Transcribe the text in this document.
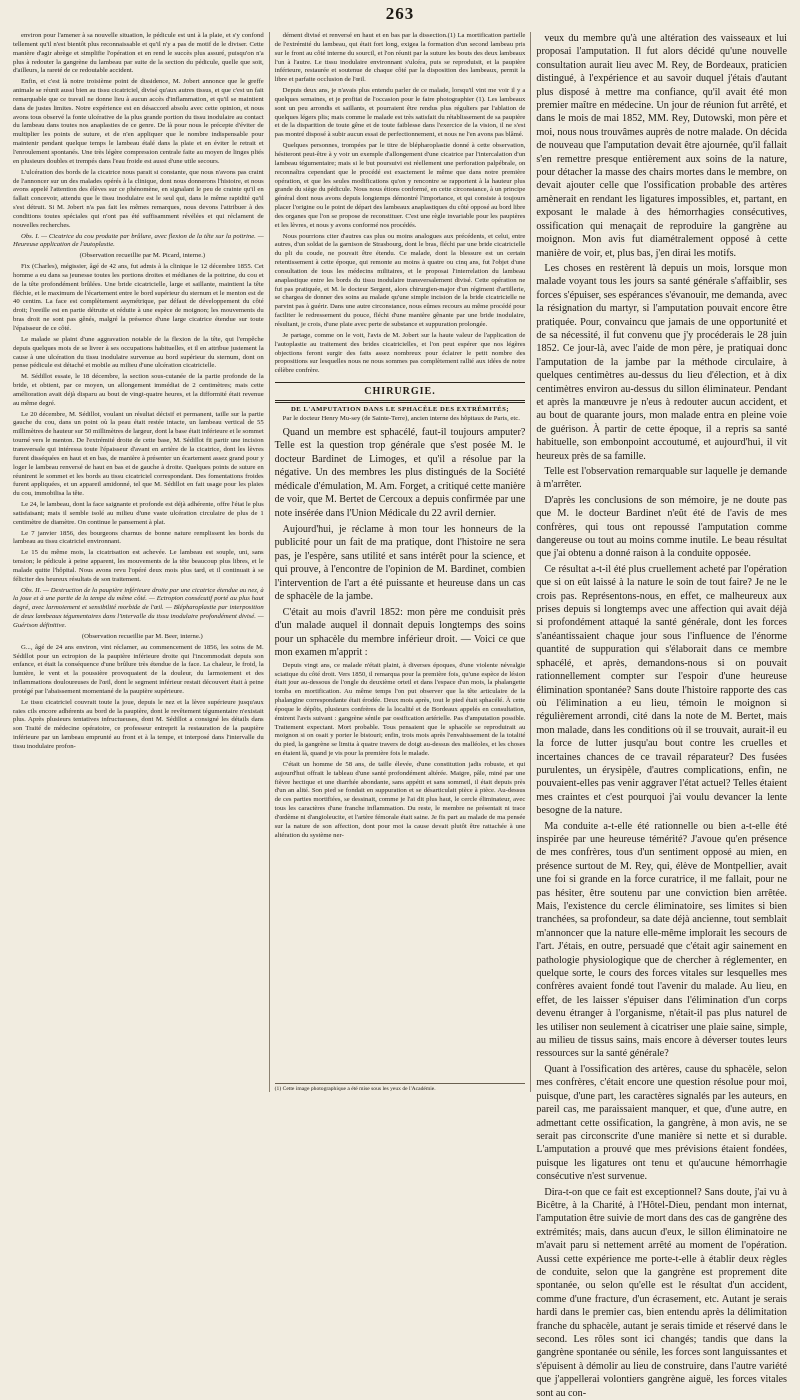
263

environ pour l'amener à sa nouvelle situation, le pédicule est uni à la plaie, et s'y confond tellement qu'il n'est bientôt plus reconnaissable et qu'il n'y a pas de motif de le diviser. Cette manière d'agir abrège et simplifie l'opération et en rend le succès plus assuré, puisqu'on n'a plus à redouter la gangrène du lambeau par suite de la section du pédicule, quelle que soit, d'ailleurs, la rareté de ce redoutable accident.

Enfin, et c'est là notre troisième point de dissidence, M. Jobert annonce que le greffe animale se réunit aussi bien au tissu cicatriciel, divisé qu'aux autres tissus, et que c'est un fait remarquable que ce travail ne donne lieu à aucun accès d'inflammation, et qu'il se maintient dans de justes limites. Notre expérience est en désaccord absolu avec cette opinion, et nous avons tous observé la fonte ulcérative de la plus grande portion du tissu inodulaire au contact du lambeau dans toutes nos anaplasties de ce genre. De là pour nous le précepte d'éviter de multiplier les points de suture, et de n'en appliquer que le nombre indispensable pour maintenir pendant quelque temps le lambeau étalé dans la plaie et en éviter le retrait et l'enroulement spontanés. Une très légère compression centrale faite au moyen de linges pliés en plusieurs doubles et trempés dans l'eau froide est aussi d'une utile secours.

L'ulcération des bords de la cicatrice nous parait si constante, que nous n'avons pas craint de l'annoncer sur un des malades opérés à la clinique, dont nous donnerons l'histoire, et nous avons appelé l'attention des élèves sur ce phénomène, en signalant le peu de crainte qu'il en fallait concevoir, attendu que le tissu inodulaire est le seul qui, dans le même rapidité qu'il s'est détruit. Si M. Jobert n'a pas fait les mêmes remarques, nous devons l'attribuer à des conditions toutes spéciales qui n'ont pas été suffisamment révélées et qui réclament de nouvelles recherches.

Obs. I. — Cicatrice du cou produite par brûlure, avec flexion de la tête sur la poitrine. — Heureuse application de l'autoplastie.

(Observation recueillie par M. Picard, interne.)

Fix (Charles), mégissier, âgé de 42 ans, fut admis à la clinique le 12 décembre 1855. Cet homme a eu dans sa jeunesse toutes les portions droites et médianes de la poitrine, du cou et de la tête profondément brûlées. Une bride cicatricielle, large et saillante, maintient la tête fléchie, et le maximum de l'écartement entre le bord supérieur du sternum et le menton est de 40 centim. La face est complètement asymétrique, par défaut de développement du côté droit; l'oreille est en partie détruite et réduite à une espèce de moignon; les mouvements du bras droit ne sont pas gênés, malgré la présence d'une large cicatrice étendue sur toute l'épaisseur de ce côté.

Le malade se plaint d'une aggravation notable de la flexion de la tête, qui l'empêche depuis quelques mois de se livrer à ses occupations habituelles, et il en attribue justement la cause à une ulcération du tissu inodulaire survenue au bord supérieur du sternum, dont on pense pédicule est détaché et mobile au milieu d'une ulcération cicatricielle.

M. Sédillot essaie, le 18 décembre, la section sous-cutanée de la partie profonde de la bride, et obtient, par ce moyen, un allongement immédiat de 2 centimètres; mais cette amélioration avait déjà disparu au bout de vingt-quatre heures, et la difformité était revenue au même degré.

Le 20 décembre, M. Sédillot, voulant un résultat décisif et permanent, taille sur la partie gauche du cou, dans un point où la peau était restée intacte, un lambeau vertical de 55 millimètres de hauteur sur 50 millimètres de largeur, dont la base était inférieure et le sommet tourné vers le menton. De l'extrémité droite de cette base, M. Sédillot fit partir une incision transversale qui intéressa toute l'épaisseur d'avant en arrière de la cicatrice, dont les lèvres furent disséquées en haut et en bas, de manière à présenter un écartement assez grand pour y loger le lambeau renversé de haut en bas et de gauche à droite. Quelques points de suture en réunirent le sommet et les bords au tissu cicatriciel correspondant. Des fomentations froides furent appliquées, et un appareil amidonné, tel que M. Sédillot en fait usage pour les plaies du cou, immobilisa la tête.

Le 24, le lambeau, dont la face saignante et profonde est déjà adhérente, offre l'état le plus satisfaisant; mais il semble isolé au milieu d'une vaste ulcération circulaire de plus de 1 centimètre de diamètre. On continue le pansement à plat.

Le 7 janvier 1856, des bourgeons charnus de bonne nature remplissent les bords du lambeau au tissu cicatriciel environnant.

Le 15 du même mois, la cicatrisation est achevée. Le lambeau est souple, uni, sans tension; le pédicule à peine apparent, les mouvements de la tête beaucoup plus libres, et le malade quitte l'hôpital. Nous avons revu l'opéré deux mois plus tard, et il continuait à se féliciter des heureux résultats de son traitement.

Obs. II. — Destruction de la paupière inférieure droite par une cicatrice étendue au nez, à la joue et à une partie de la tempe du même côté. — Ectropion consécutif porté au plus haut degré, avec larmoiement et sensibilité morbide de l'œil. — Blépharoplastie par interposition de deux lambeaux tégumentaires dans l'intervalle du tissu inodulaire profondément divisé. — Guérison définitive.

(Observation recueillie par M. Beer, interne.)

G..., âgé de 24 ans environ, vint réclamer, au commencement de 1856, les soins de M. Sédillot pour un ectropion de la paupière inférieure droite qui l'incommodait depuis son enfance, et était la conséquence d'une brûlure très étendue de la face. La chaleur, le froid, la lumière, le vent et la poussière provoquaient de la douleur, du larmoiement et des inflammations douloureuses de l'œil, dont le segment inférieur restait découvert était à peine protégé par l'abaissement momentané de la paupière supérieure.

Le tissu cicatriciel couvrait toute la joue, depuis le nez et la lèvre supérieure jusqu'aux raies cils encore adhérents au bord de la paupière, dont le revêtement tégumentaire n'existait plus. Après plusieurs tentatives infructueuses, dont M. Sédillot a consigné les détails dans son Traité de médecine opératoire, ce professeur entreprit la restauration de la paupière inférieure par un lambeau emprunté au front et à la tempe, et interposé dans l'intervalle du tissu inodulaire profon-

dément divisé et renversé en haut et en bas par la dissection.(1) La mortification partielle de l'extrémité du lambeau, qui était fort long, exigea la formation d'un second lambeau pris sur le front au côté interne du sourcil, et l'on réunit par la suture les bouts des deux lambeaux l'un à l'autre. Le tissu inodulaire environnant s'ulcéra, puis se reproduisit, et la paupière inférieure, restaurée et soutenue de chaque côté par la disposition des lambeaux, permit la libre et parfaite occlusion de l'œil.

Depuis deux ans, je n'avais plus entendu parler de ce malade, lorsqu'il vint me voir il y a quelques semaines, et je profitai de l'occasion pour le faire photographier (1). Les lambeaux sont un peu arrondis et saillants, et pourraient être rendus plus réguliers par l'ablation de quelques légers plis; mais comme le malade est très satisfait du rétablissement de sa paupière et de la disparition de toute gêne et de toute faiblesse dans l'exercice de la vision, il ne s'est pas montré disposé à subir aucun essai de perfectionnement, et nous ne l'en avons pas blâmé.

Quelques personnes, trompées par le titre de blépharoplastie donné à cette observation, hésiteront peut-être à y voir un exemple d'allongement d'une cicatrice par l'intercalation d'un lambeau tégumentaire; mais si le but poursuivi est réellement une perforation palpébrale, on reconnaîtra cependant que le procédé est exactement le même que dans notre première opération, et que les seules modifications qu'on y rencontre se rapportent à la hauteur plus grande du siège du pédicule. Nous nous étions conformé, en cette circonstance, à un principe général dont nous avons depuis longtemps démontré l'importance, et qui consiste à toujours placer l'origine ou le point de départ des lambeaux anaplastiques du côté opposé au bord libre des organes que l'on se propose de reconstituer. C'est une règle invariable pour les paupières et les lèvres, et nous y avons conformé nos procédés.

Nous pourrions citer d'autres cas plus ou moins analogues aux précédents, et celui, entre autres, d'un soldat de la garnison de Strasbourg, dont le bras, fléchi par une bride cicatricielle du pli du coude, ne pouvait être étendu. Ce malade, dont la blessure est un certain retentissement à cette époque, qui remonte au moins à quatre ou cinq ans, fut l'objet d'une consultation de tous les médecins militaires, et le proposai l'interrelation du lambeau anaplastique entre les bords du tissu inodulaire transversalement divisé. Cette opération ne fut pas pratiquée, et M. le docteur Sergent, alors chirurgien-major d'un régiment d'artillerie, se chargea de donner des soins au malade qu'une simple incision de la bride cicatricielle ne parvint pas à guérir. Dans une autre circonstance, nous eûmes recours au même procédé pour faciliter le redressement du pouce, fléchi d'une manière gênante par une bride inodulaire, résultant, je crois, d'une plaie avec perte de substance et suppuration prolongée.

Je partage, comme on le voit, l'avis de M. Jobert sur la haute valeur de l'application de l'autoplastie au traitement des brides cicatricielles, et l'on peut espérer que nos légères objections feront surgir des faits assez nombreux pour éclairer le petit nombre des propositions sur lesquelles nous ne nous sommes pas complètement rallié aux idées de notre célèbre confrère.

CHIRURGIE.
DE L'AMPUTATION DANS LE SPHACÈLE DES EXTRÉMITÉS;

Par le docteur Henry Mu-sey (de Sainte-Terre), ancien interne des hôpitaux de Paris, etc.

Quand un membre est sphacélé, faut-il toujours amputer? Telle est la question trop générale que s'est posée M. le docteur Bardinet de Limoges, et qu'il a résolue par la négative. Un des membres les plus distingués de la Société médicale d'émulation, M. Am. Forget, a critiqué cette manière de voir, que M. Bertet de Cercoux a depuis confirmée par une note insérée dans l'Union Médicale du 22 avril dernier.

Aujourd'hui, je réclame à mon tour les honneurs de la publicité pour un fait de ma pratique, dont l'histoire ne sera pas, je l'espère, sans utilité et sans intérêt pour la science, et qui prouve, à l'encontre de l'opinion de M. Bardinet, combien l'intervention de l'art a été puissante et heureuse dans un cas de sphacèle de la jambe.

C'était au mois d'avril 1852: mon père me conduisit près d'un malade auquel il donnait depuis longtemps des soins pour un sphacèle du membre inférieur droit. — Voici ce que mon examen m'apprit :

Depuis vingt ans, ce malade n'était plaint, à diverses époques, d'une violente névralgie sciatique du côté droit. Vers 1850, il remarqua pour la première fois, qu'une espèce de lésion était jour au-dessous de l'ongle du deuxième orteil et dans l'espace d'un mois, la phalangette tomba en mortification. Au même temps l'on put observer que la tête articulaire de la phalangine correspondante était érodée. Deux mois après, tout le pied était sphacélé. À cette époque le dépôts, plusieurs confrères de la localité et de Bordeaux appelés en consultation, émirent l'avis suivant : gangrène sénile par ossification artérielle. Pas d'amputation possible. Traitement expectant. Mort probable. Tous pensaient que le sphacèle se reproduirait au moignon si on osait y porter le bistouri; enfin, trois mois après l'envahissement de la totalité du pied, la gangrène se limita à quatre travers de doigt au-dessus des malléoles, et les choses en étaient là, quand je vis pour la première fois le malade.

C'était un homme de 58 ans, de taille élevée, d'une constitution jadis robuste, et qui aujourd'hui offrait le tableau d'une santé profondément altérée. Maigre, pâle, miné par une fièvre hectique et une diarrhée abondante, sans appétit et sans sommeil, il était depuis près d'un an alité. Son pied se fondait en suppuration et se désarticulait pièce à pièce. Au-dessus de ces parties mortifiées, se dessinait, comme je l'ai dit plus haut, le cercle éliminateur, avec tous les caractères d'une franche inflammation. Du reste, le membre ne présentait ni trace d'œdème ni d'angioleucite, et l'artère fémorale était saine. Je fis part au malade de ma pensée sur la nature de son affection, dont pour moi la cause devait plutôt être rattachée à une altération du système ner-

(1) Cette image photographique a été mise sous les yeux de l'Académie.

veux du membre qu'à une altération des vaisseaux et lui proposai l'amputation. Il fut alors décidé qu'une nouvelle consultation aurait lieu avec M. Rey, de Bordeaux, praticien distingué, à l'expérience et au savoir duquel j'étais d'autant plus disposé à mettre ma confiance, qu'il avait été mon premier maître en médecine. Un jour de réunion fut arrêté, et dans le mois de mai 1852, MM. Rey, Dutowski, mon père et moi, nous nous trouvâmes auprès de notre malade. On décida de nouveau que l'amputation devait être ajournée, qu'il fallait s'en remettre presque entièrement aux soins de la nature, pour détacher la masse des chairs mortes dans le membre, on devait ajouter celle que l'ossification probable des artères amènerait en rendant les ligatures impossibles, et, partant, en exposant le malade à des hémorrhagies consécutives, ossification qui menaçait de reproduire la gangrène au moignon. Mon avis fut diamétralement opposé à cette manière de voir, et, plus bas, j'en dirai les motifs.

Les choses en restèrent là depuis un mois, lorsque mon malade voyant tous les jours sa santé générale s'affaiblir, ses forces s'épuiser, ses espérances s'évanouir, me demanda, avec la résignation du martyr, si l'amputation pouvait encore être pratiquée. Pour, convaincu que jamais de une opportunité et de sa nécessité, il fut convenu que j'y procéderais le 28 juin 1852. Ce jour-là, avec l'aide de mon père, je pratiquai donc l'amputation de la jambe par la méthode circulaire, à quelques centimètres au-dessus du lieu d'élection, et à dix centimètres environ au-dessus du sillon éliminateur. Pendant et après la manœuvre je n'eus à redouter aucun accident, et au bout de quarante jours, mon malade entra en pleine voie de guérison. À partir de cette époque, il a repris sa santé habituelle, son embonpoint accoutumé, et aujourd'hui, il vit heureux près de sa famille.

Telle est l'observation remarquable sur laquelle je demande à m'arrêter.

D'après les conclusions de son mémoire, je ne doute pas que M. le docteur Bardinet n'eût été de l'avis de mes confrères, qui tous ont repoussé l'amputation comme dangereuse ou tout au moins comme inutile. Le beau résultat que j'ai obtenu a donné raison à la conduite opposée.

Ce résultat a-t-il été plus cruellement acheté par l'opération que si on eût laissé à la nature le soin de tout faire? Je ne le crois pas. Représentons-nous, en effet, ce malheureux aux prises depuis si longtemps avec une affection qui avait déjà si profondément attaqué la santé générale, dont les forces s'anéantissaient chaque jour sous l'influence de l'énorme quantité de suppuration qui s'élaborait dans ce membre sphacélé, et après, demandons-nous si on pouvait rationnellement compter sur l'espoir d'une heureuse élimination spontanée? Sans doute l'histoire rapporte des cas où l'élimination a eu lieu, témoin le moignon si régulièrement arrondi, cité dans la note de M. Bertet, mais mon malade, dans les conditions où il se trouvait, aurait-il eu la force de lutter jusqu'au bout contre les cruelles et incertaines chances de ce travail réparateur? Des fusées purulentes, un érysipèle, d'autres complications, enfin, ne pouvaient-elles pas venir aggraver l'état actuel? Telles étaient mes craintes et c'est pourquoi j'ai voulu devancer la lente besogne de la nature.

Ma conduite a-t-elle été rationnelle ou bien a-t-elle été inspirée par une heureuse témérité? J'avoue qu'en présence de mes confrères, tous d'un sentiment opposé au mien, en présence surtout de M. Rey, qui, élève de Montpellier, avait une foi si grande en la force curatrice, il me fallait, pour ne pas hésiter, être soutenu par une conviction bien arrêtée. Mais, l'existence du cercle éliminatoire, ses limites si bien tranchées, sa profondeur, sa date déjà ancienne, tout semblait m'annoncer que la nature elle-même implorait les secours de l'art. J'étais, en outre, persuadé que c'était agir sainement en pathologie physiologique que de chercher à réglementer, en quelque sorte, le cours des forces vitales sur lesquelles mes confrères avaient fondé tout l'avenir du malade. Au lieu, en effet, de les laisser s'épuiser dans l'élimination d'un corps devenu étranger à l'organisme, n'était-il pas plus naturel de les utiliser non seulement à cicatriser une plaie saine, simple, au milieu de tissus sains, mais encore à déverser toutes leurs ressources sur la santé générale?

Quant à l'ossification des artères, cause du sphacèle, selon mes confrères, c'était encore une question résolue pour moi, puisque, d'une part, les caractères signalés par les auteurs, en pareil cas, me paraissaient manquer, et que, d'une autre, en admettant cette ossification, la gangrène, à mon avis, ne se serait pas circonscrite d'une manière si nette et si durable. L'amputation a prouvé que mes prévisions étaient fondées, puisque les ligatures ont tenu et qu'aucune hémorrhagie consécutive n'est survenue.

Dira-t-on que ce fait est exceptionnel? Sans doute, j'ai vu à Bicêtre, à la Charité, à l'Hôtel-Dieu, pendant mon internat, l'amputation être suivie de mort dans des cas de gangrène des extrémités; mais, dans aucun d'eux, le sillon éliminatoire ne m'avait paru si nettement arrêté au moment de l'opération. Aussi cette expérience me porte-t-elle à établir deux règles de conduite, selon que la gangrène est proprement dite spontanée, ou selon qu'elle est le résultat d'un accident, comme d'une fracture, d'un écrasement, etc. Autant je serais hardi dans le premier cas, bien entendu après la délimitation franche du sphacèle, autant je serais timide et réservé dans le second. Les rôles sont ici changés; tandis que dans la gangrène spontanée ou sénile, les forces sont languissantes et s'épuisent à démolir au lieu de construire, dans l'autre variété que j'appellerai volontiers gangrène aiguë, les forces vitales sont au con-
